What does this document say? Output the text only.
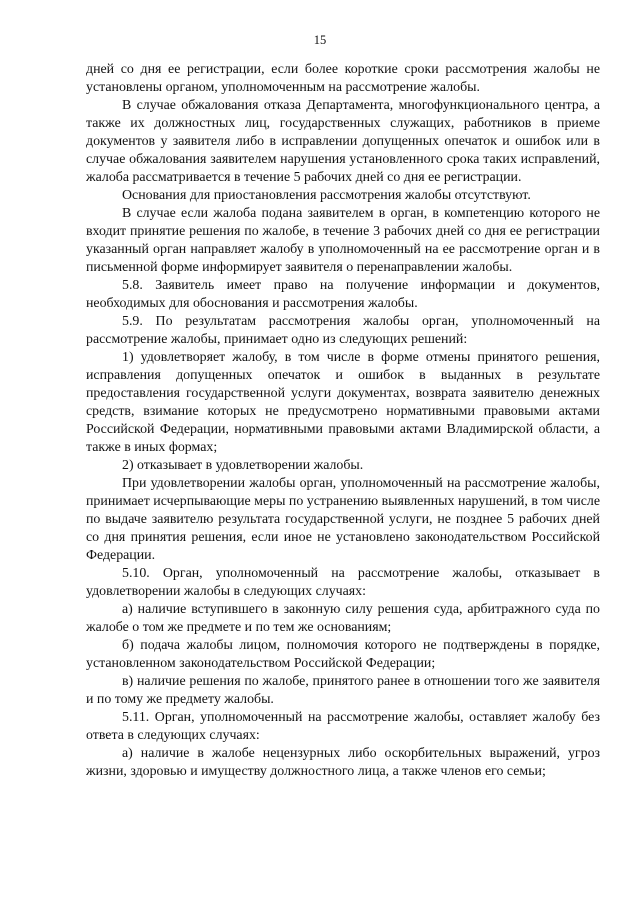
15

дней со дня ее регистрации, если более короткие сроки рассмотрения жалобы не установлены органом, уполномоченным на рассмотрение жалобы.

В случае обжалования отказа Департамента, многофункционального центра, а также их должностных лиц, государственных служащих, работников в приеме документов у заявителя либо в исправлении допущенных опечаток и ошибок или в случае обжалования заявителем нарушения установленного срока таких исправлений, жалоба рассматривается в течение 5 рабочих дней со дня ее регистрации.

Основания для приостановления рассмотрения жалобы отсутствуют.

В случае если жалоба подана заявителем в орган, в компетенцию которого не входит принятие решения по жалобе, в течение 3 рабочих дней со дня ее регистрации указанный орган направляет жалобу в уполномоченный на ее рассмотрение орган и в письменной форме информирует заявителя о перенаправлении жалобы.

5.8. Заявитель имеет право на получение информации и документов, необходимых для обоснования и рассмотрения жалобы.

5.9. По результатам рассмотрения жалобы орган, уполномоченный на рассмотрение жалобы, принимает одно из следующих решений:

1) удовлетворяет жалобу, в том числе в форме отмены принятого решения, исправления допущенных опечаток и ошибок в выданных в результате предоставления государственной услуги документах, возврата заявителю денежных средств, взимание которых не предусмотрено нормативными правовыми актами Российской Федерации, нормативными правовыми актами Владимирской области, а также в иных формах;

2) отказывает в удовлетворении жалобы.

При удовлетворении жалобы орган, уполномоченный на рассмотрение жалобы, принимает исчерпывающие меры по устранению выявленных нарушений, в том числе по выдаче заявителю результата государственной услуги, не позднее 5 рабочих дней со дня принятия решения, если иное не установлено законодательством Российской Федерации.

5.10. Орган, уполномоченный на рассмотрение жалобы, отказывает в удовлетворении жалобы в следующих случаях:

а) наличие вступившего в законную силу решения суда, арбитражного суда по жалобе о том же предмете и по тем же основаниям;

б) подача жалобы лицом, полномочия которого не подтверждены в порядке, установленном законодательством Российской Федерации;

в) наличие решения по жалобе, принятого ранее в отношении того же заявителя и по тому же предмету жалобы.

5.11. Орган, уполномоченный на рассмотрение жалобы, оставляет жалобу без ответа в следующих случаях:

а) наличие в жалобе нецензурных либо оскорбительных выражений, угроз жизни, здоровью и имуществу должностного лица, а также членов его семьи;
